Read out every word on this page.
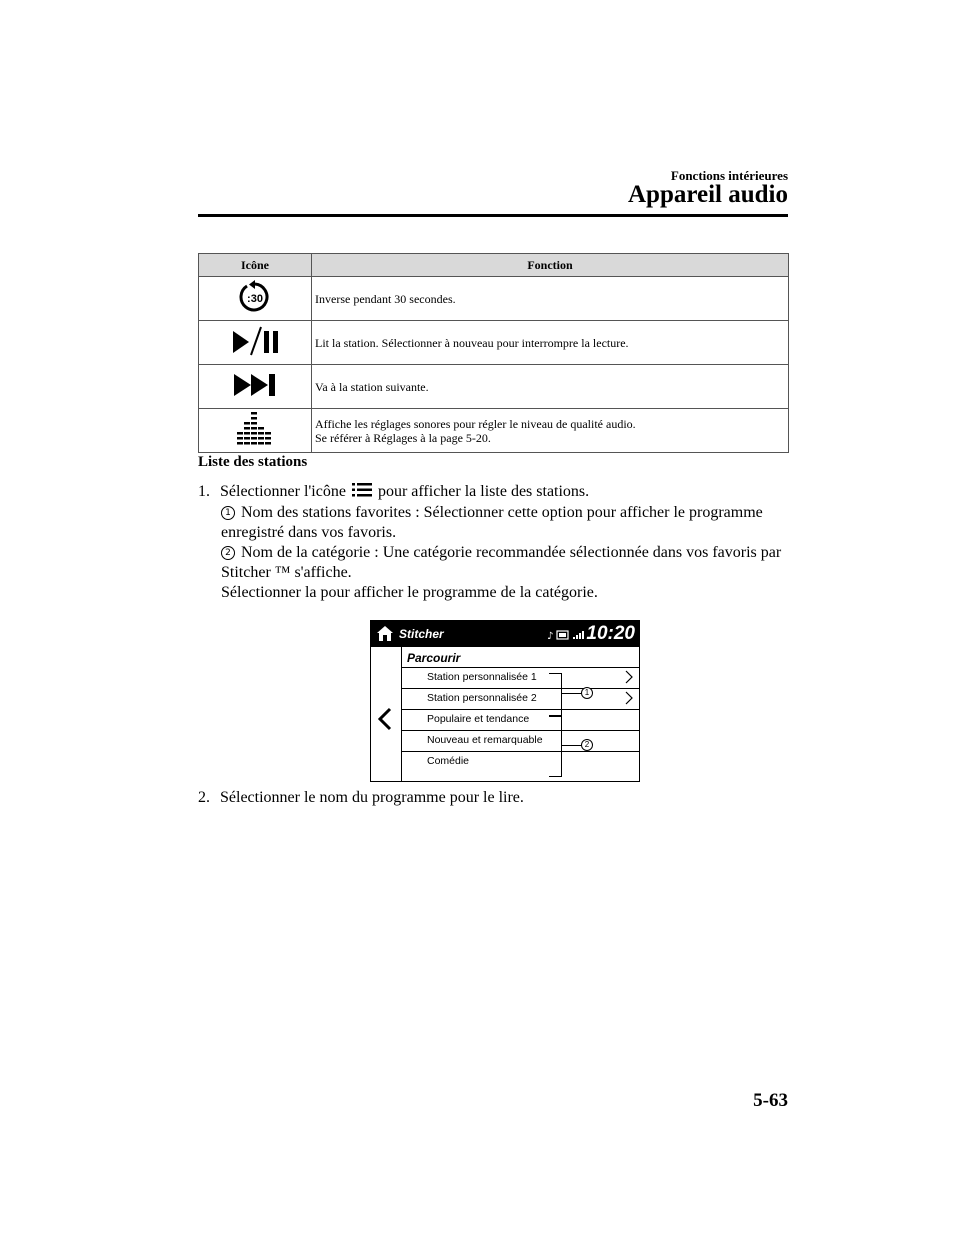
Fonctions intérieures
Appareil audio
Icône	Fonction

:30	Inverse pendant 30 secondes.

Lit la station. Sélectionner à nouveau pour interrompre la lecture.

Va à la station suivante.

Affiche les réglages sonores pour régler le niveau de qualité audio.
Se référer à Réglages à la page 5-20.
Liste des stations
1. Sélectionner l'icône pour afficher la liste des stations.
1 Nom des stations favorites : Sélectionner cette option pour afficher le programme
enregistré dans vos favoris.
2 Nom de la catégorie : Une catégorie recommandée sélectionnée dans vos favoris par
Stitcher ™ s'affiche.
Sélectionner la pour afficher le programme de la catégorie.
Stitcher	♪ 10:20
Parcourir
Station personnalisée 1
Station personnalisée 2
Populaire et tendance
Nouveau et remarquable
Comédie
1
2
2. Sélectionner le nom du programme pour le lire.
5-63
